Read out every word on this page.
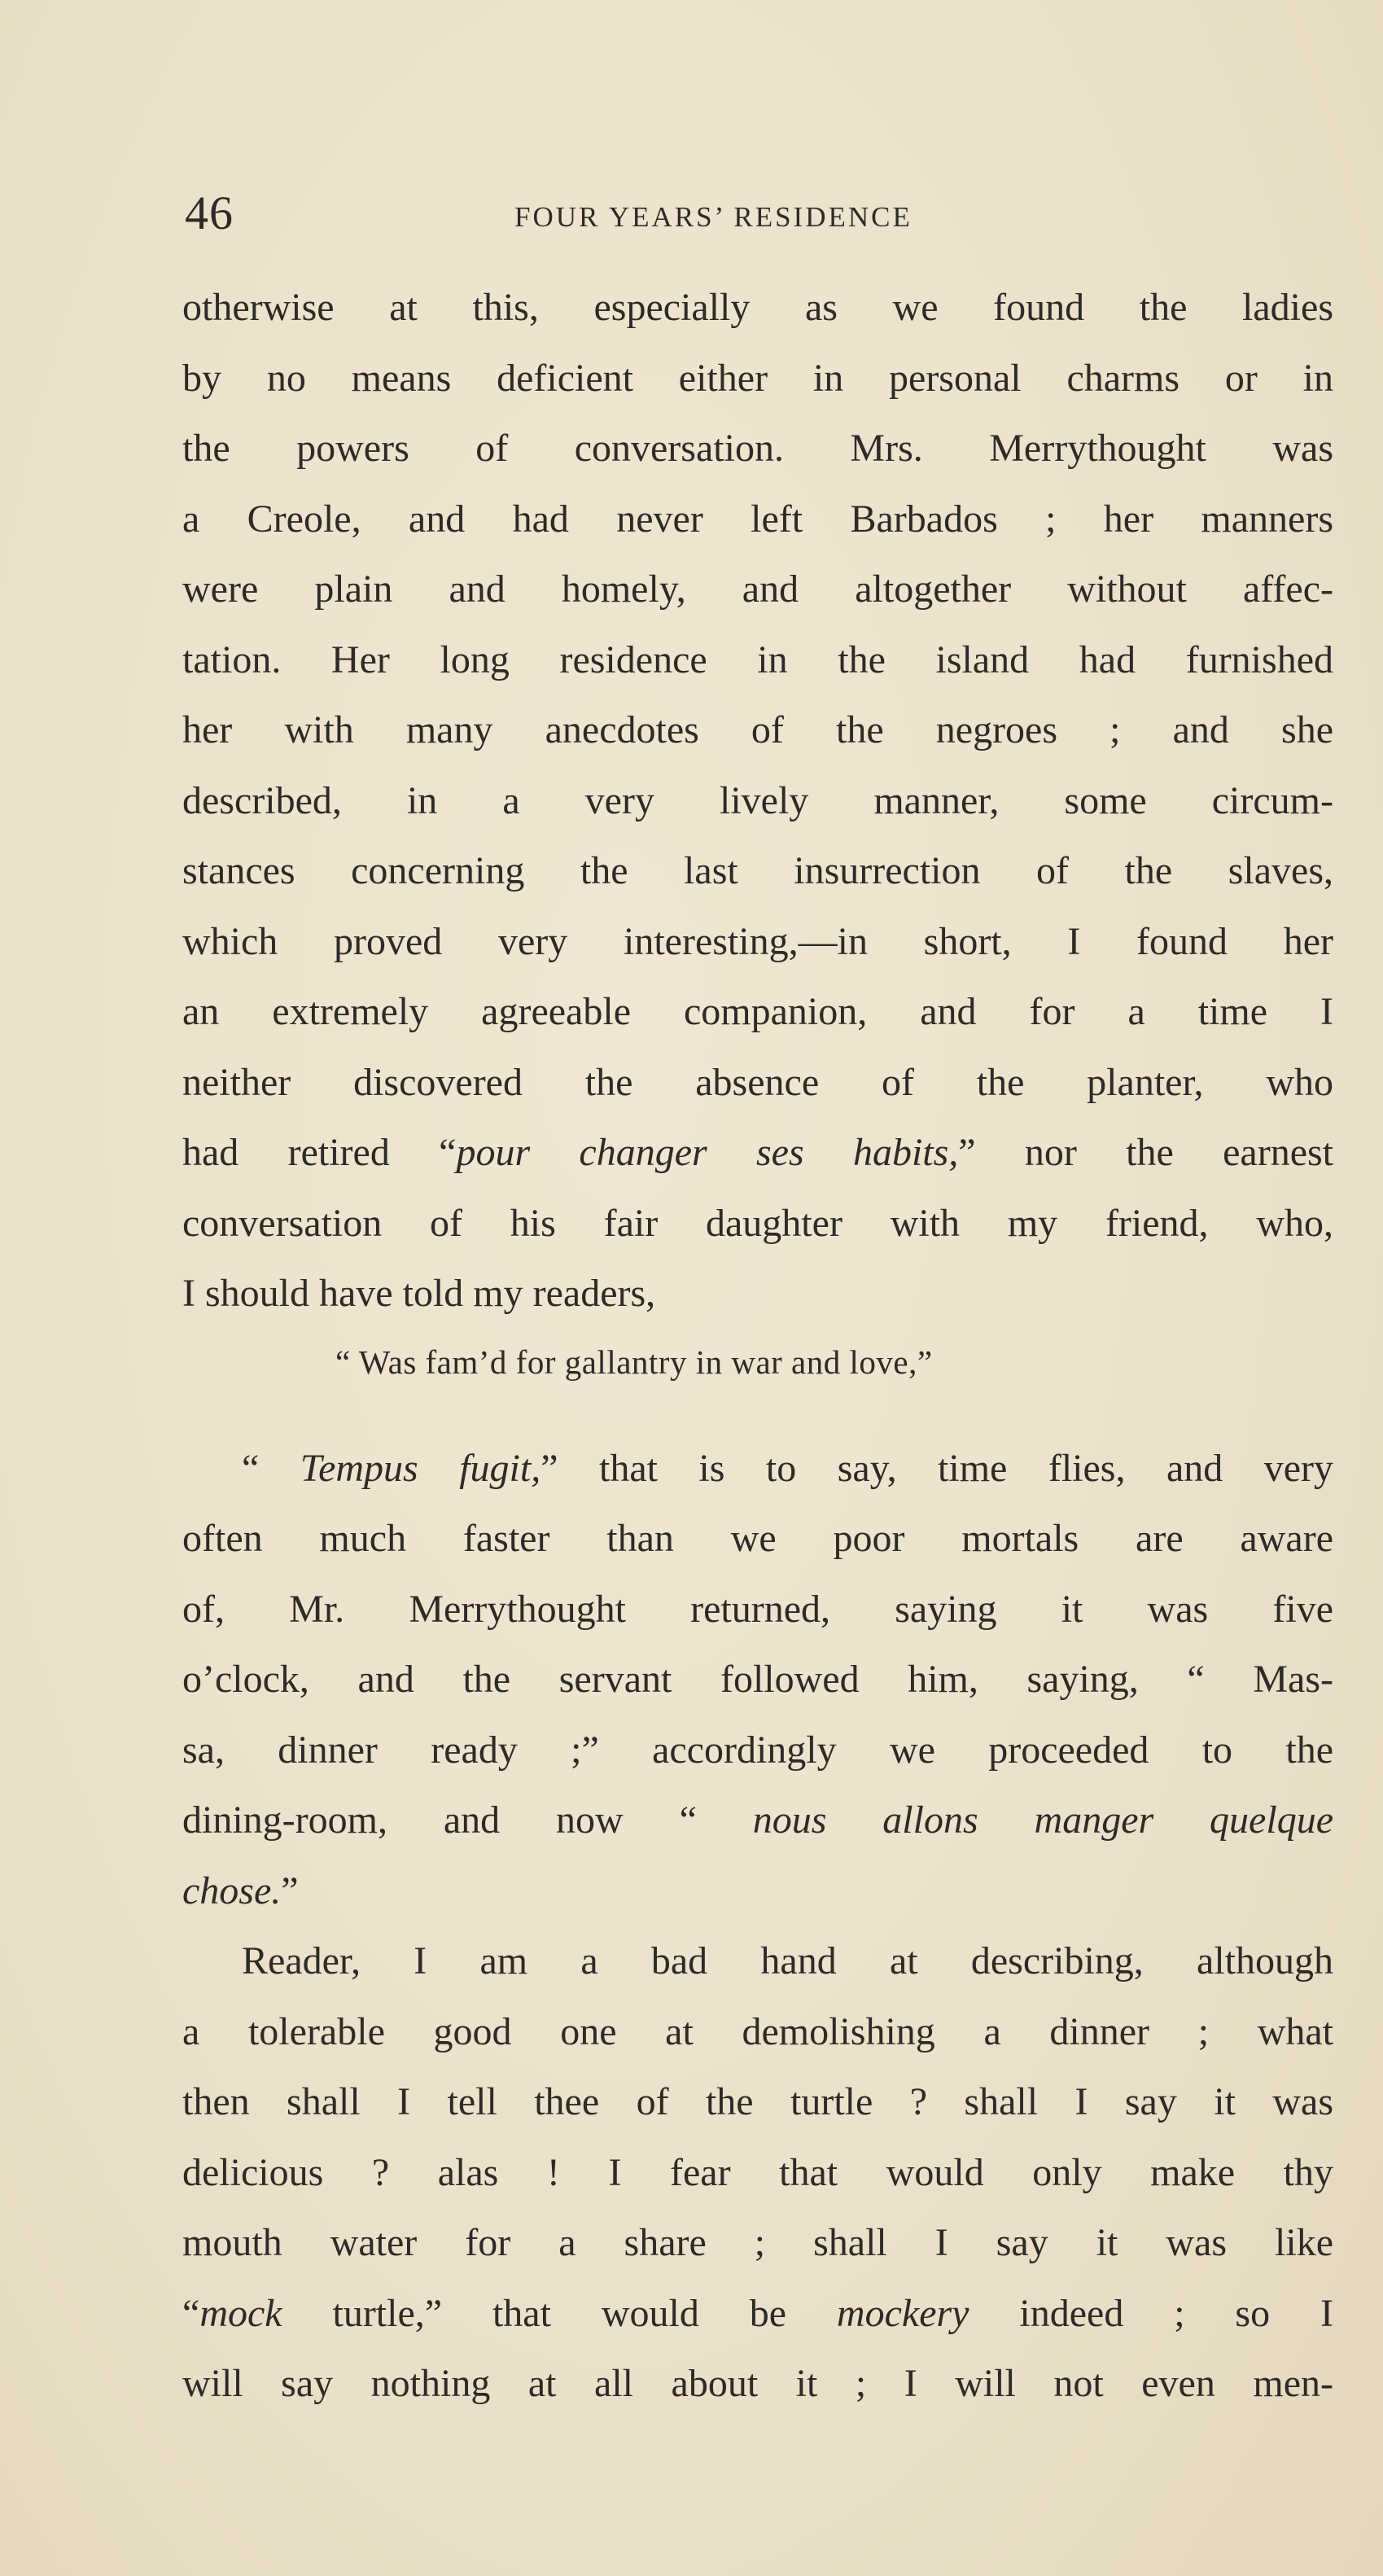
46	FOUR YEARS’ RESIDENCE
otherwise at this, especially as we found the ladies
by no means deficient either in personal charms or in
the powers of conversation. Mrs. Merrythought was
a Creole, and had never left Barbados ; her manners
were plain and homely, and altogether without affec-
tation. Her long residence in the island had furnished
her with many anecdotes of the negroes ; and she
described, in a very lively manner, some circum-
stances concerning the last insurrection of the slaves,
which proved very interesting,—in short, I found her
an extremely agreeable companion, and for a time I
neither discovered the absence of the planter, who
had retired “pour changer ses habits,” nor the earnest
conversation of his fair daughter with my friend, who,
I should have told my readers,
“ Was fam’d for gallantry in war and love,”
“ Tempus fugit,” that is to say, time flies, and very
often much faster than we poor mortals are aware
of, Mr. Merrythought returned, saying it was five
o’clock, and the servant followed him, saying, “ Mas-
sa, dinner ready ;” accordingly we proceeded to the
dining-room, and now “ nous allons manger quelque
chose.”
Reader, I am a bad hand at describing, although
a tolerable good one at demolishing a dinner ; what
then shall I tell thee of the turtle ? shall I say it was
delicious ? alas ! I fear that would only make thy
mouth water for a share ; shall I say it was like
“mock turtle,” that would be mockery indeed ; so I
will say nothing at all about it ; I will not even men-
